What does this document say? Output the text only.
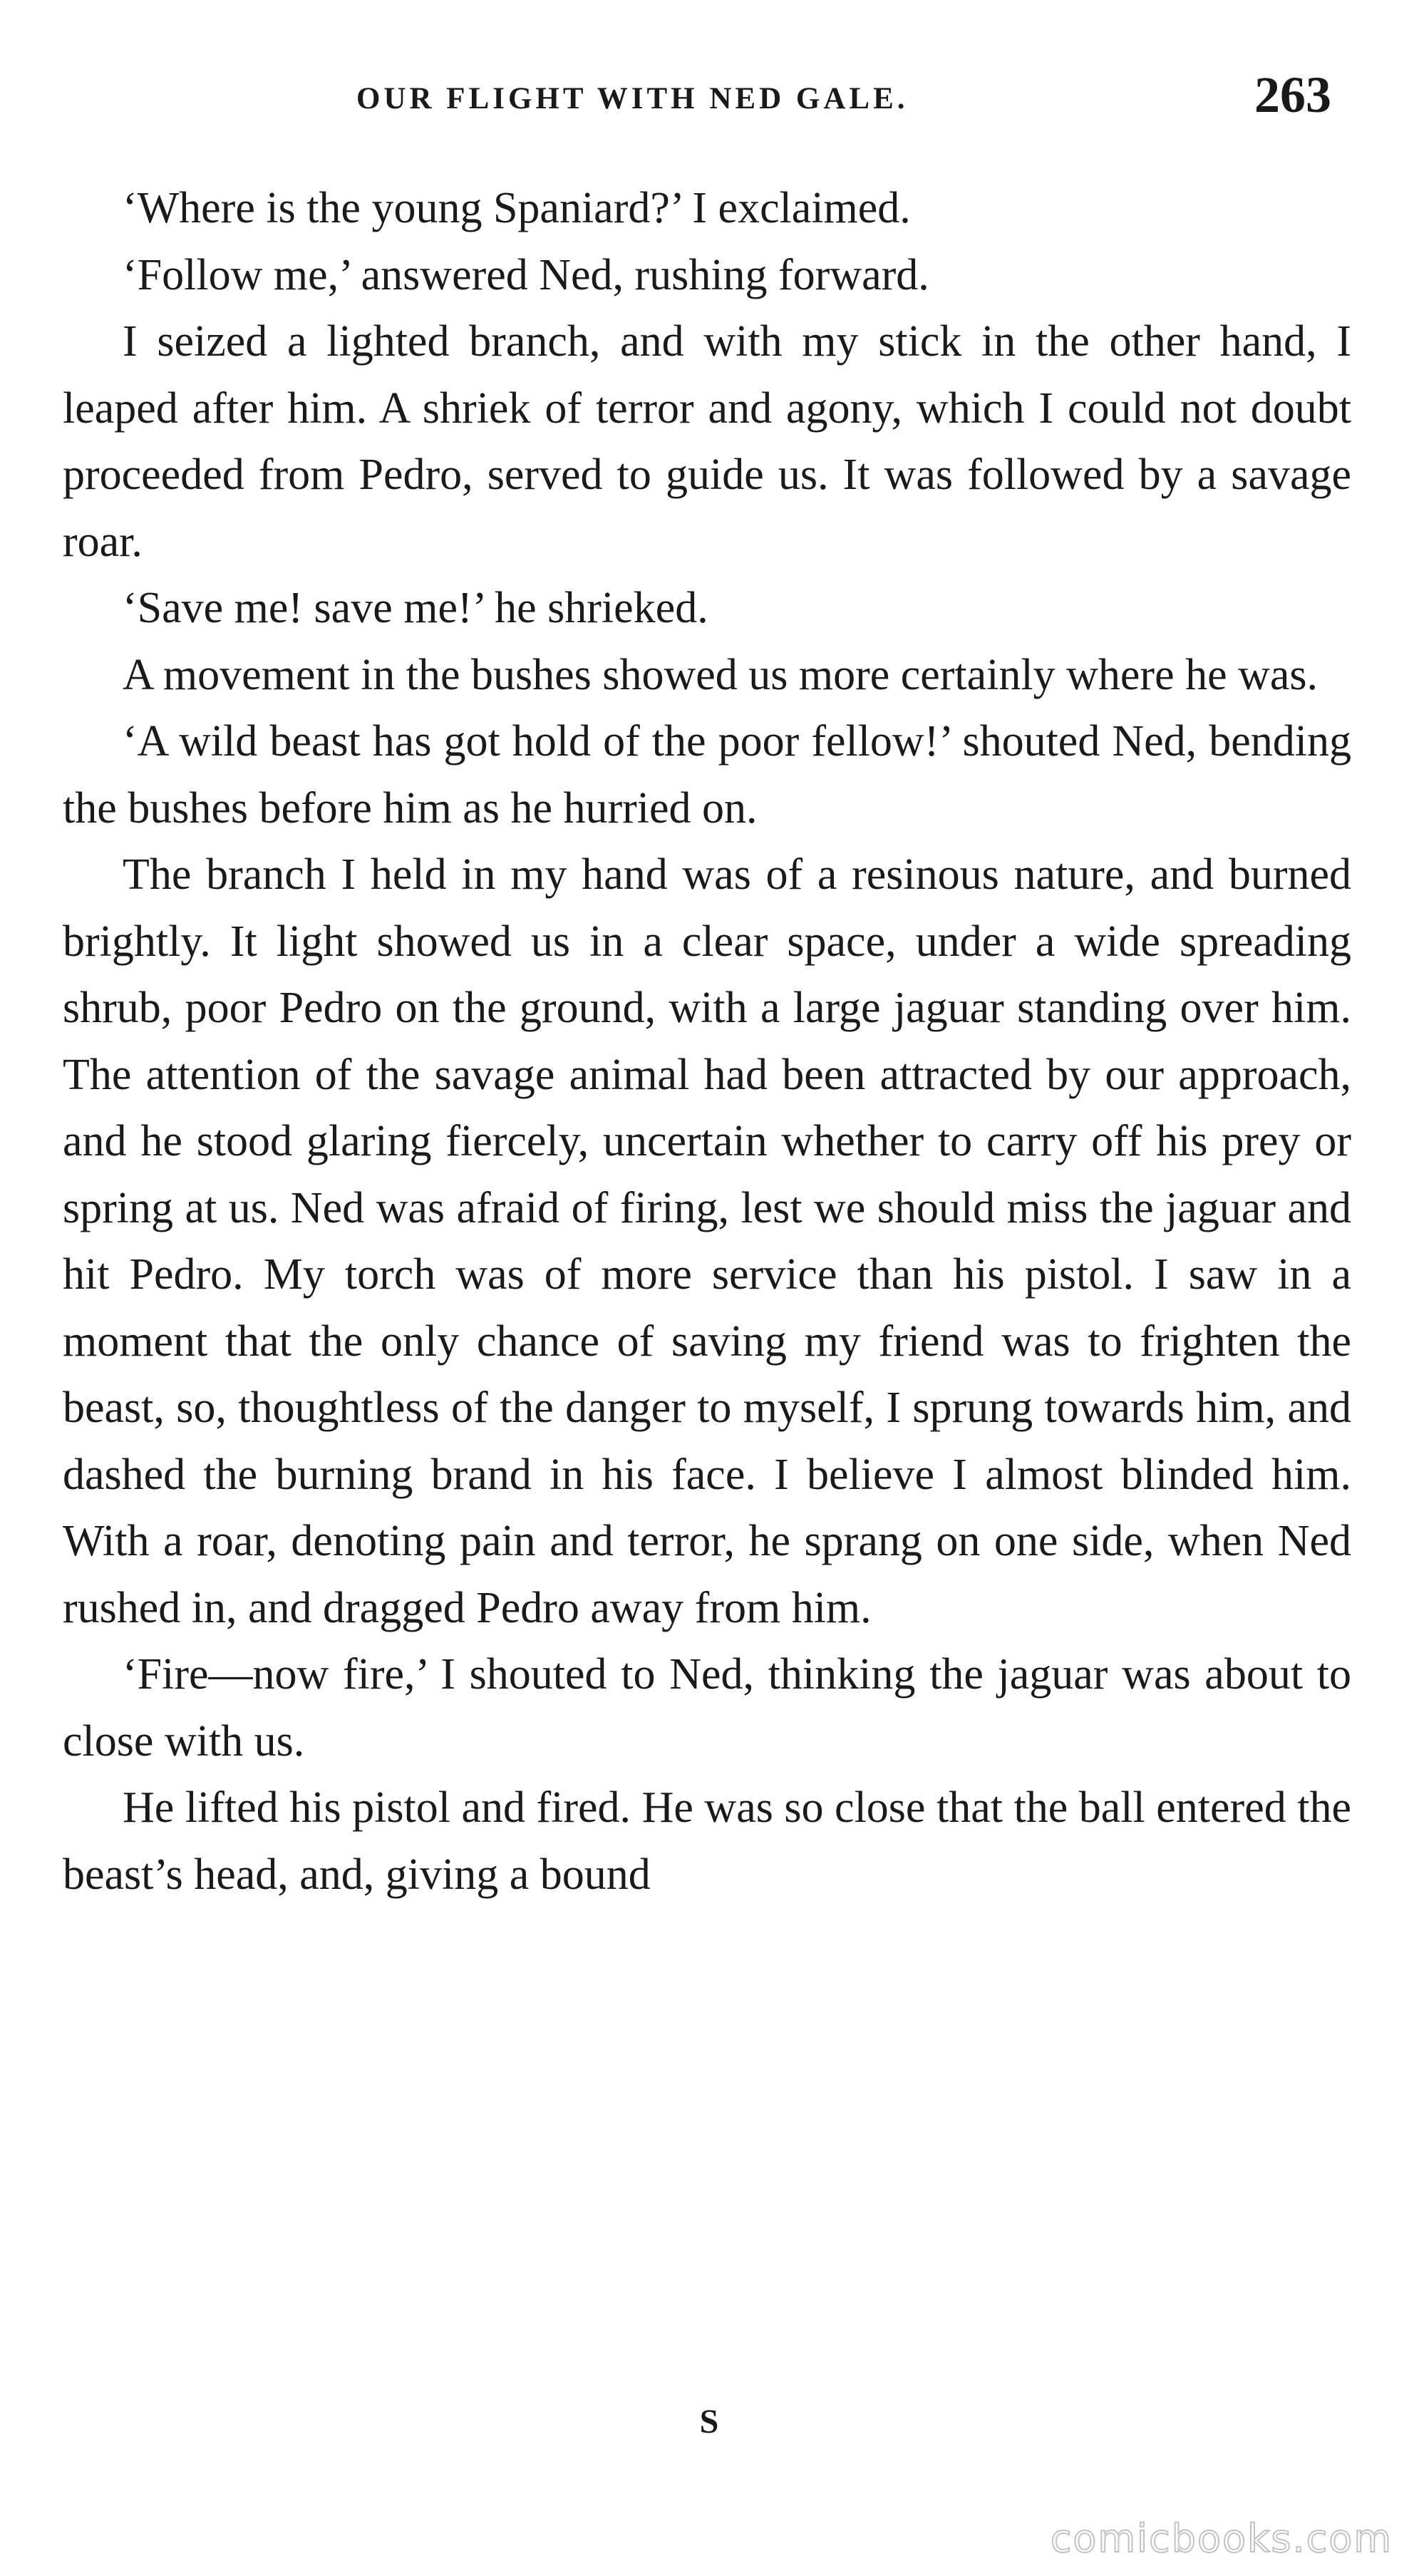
OUR FLIGHT WITH NED GALE.	263

‘Where is the young Spaniard?’ I exclaimed.

‘Follow me,’ answered Ned, rushing forward.

I seized a lighted branch, and with my stick in the other hand, I leaped after him. A shriek of terror and agony, which I could not doubt proceeded from Pedro, served to guide us. It was followed by a savage roar.

‘Save me! save me!’ he shrieked.

A movement in the bushes showed us more certainly where he was.

‘A wild beast has got hold of the poor fellow!’ shouted Ned, bending the bushes before him as he hurried on.

The branch I held in my hand was of a resinous nature, and burned brightly. It light showed us in a clear space, under a wide spreading shrub, poor Pedro on the ground, with a large jaguar standing over him. The attention of the savage animal had been attracted by our approach, and he stood glaring fiercely, uncertain whether to carry off his prey or spring at us. Ned was afraid of firing, lest we should miss the jaguar and hit Pedro. My torch was of more service than his pistol. I saw in a moment that the only chance of saving my friend was to frighten the beast, so, thoughtless of the danger to myself, I sprung towards him, and dashed the burning brand in his face. I believe I almost blinded him. With a roar, denoting pain and terror, he sprang on one side, when Ned rushed in, and dragged Pedro away from him.

‘Fire—now fire,’ I shouted to Ned, thinking the jaguar was about to close with us.

He lifted his pistol and fired. He was so close that the ball entered the beast’s head, and, giving a bound

S
comicbooks.com
